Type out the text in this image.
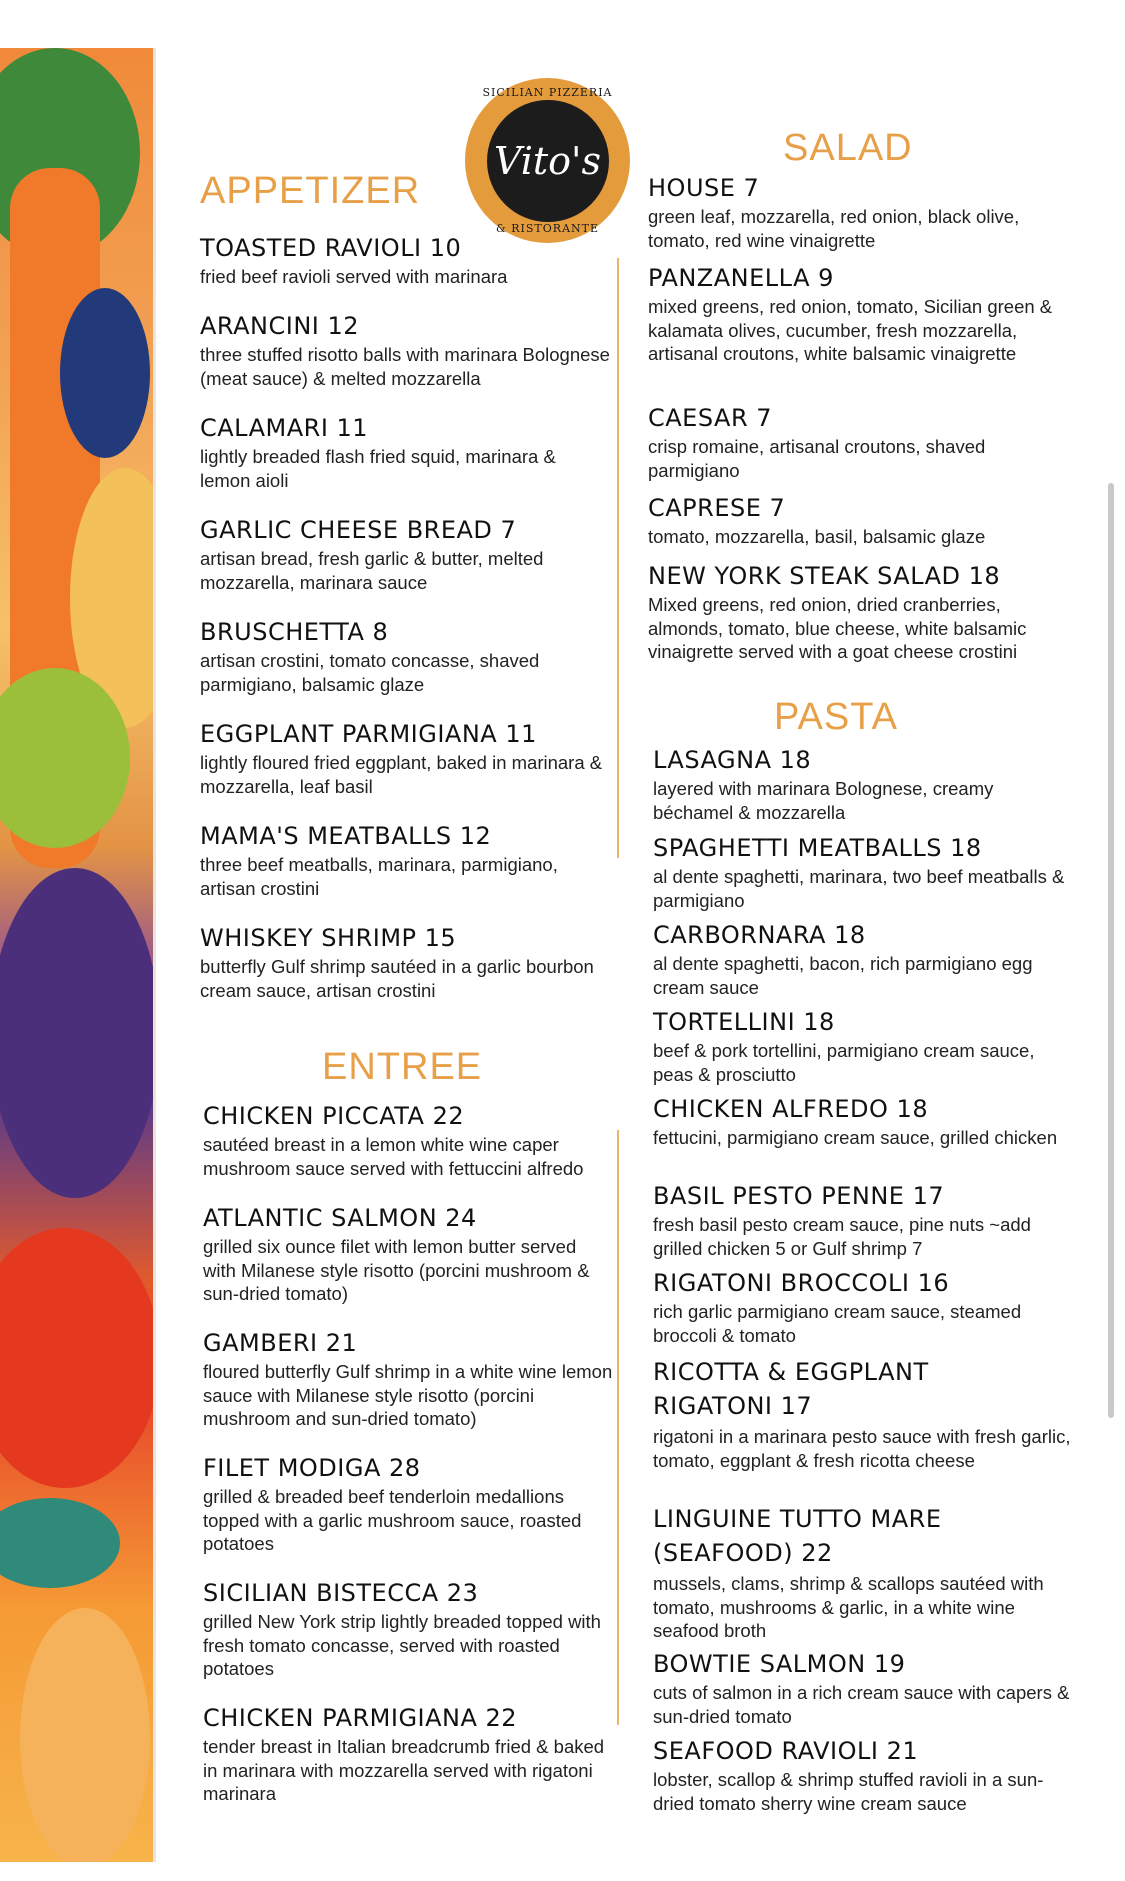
SICILIAN PIZZERIA
Vito's
& RISTORANTE
APPETIZER

TOASTED RAVIOLI 10

fried beef ravioli served with marinara

ARANCINI 12

three stuffed risotto balls with marinara Bolognese (meat sauce) & melted mozzarella

CALAMARI 11

lightly breaded flash fried squid, marinara & lemon aioli

GARLIC CHEESE BREAD 7

artisan bread, fresh garlic & butter, melted mozzarella, marinara sauce

BRUSCHETTA 8

artisan crostini, tomato concasse, shaved parmigiano, balsamic glaze

EGGPLANT PARMIGIANA 11

lightly floured fried eggplant, baked in marinara & mozzarella, leaf basil

MAMA'S MEATBALLS 12

three beef meatballs, marinara, parmigiano, artisan crostini

WHISKEY SHRIMP 15

butterfly Gulf shrimp sautéed in a garlic bourbon cream sauce, artisan crostini

ENTREE

CHICKEN PICCATA 22

sautéed breast in a lemon white wine caper mushroom sauce served with fettuccini alfredo

ATLANTIC SALMON 24

grilled six ounce filet with lemon butter served with Milanese style risotto (porcini mushroom & sun-dried tomato)

GAMBERI 21

floured butterfly Gulf shrimp in a white wine lemon sauce with Milanese style risotto (porcini mushroom and sun-dried tomato)

FILET MODIGA 28

grilled & breaded beef tenderloin medallions topped with a garlic mushroom sauce, roasted potatoes

SICILIAN BISTECCA 23

grilled New York strip lightly breaded topped with fresh tomato concasse, served with roasted potatoes

CHICKEN PARMIGIANA 22

tender breast in Italian breadcrumb fried & baked in marinara with mozzarella served with rigatoni marinara

SALAD

HOUSE 7

green leaf, mozzarella, red onion, black olive, tomato, red wine vinaigrette

PANZANELLA 9

mixed greens, red onion, tomato, Sicilian green & kalamata olives, cucumber, fresh mozzarella, artisanal croutons, white balsamic vinaigrette

CAESAR 7

crisp romaine, artisanal croutons, shaved parmigiano

CAPRESE 7

tomato, mozzarella, basil, balsamic glaze

NEW YORK STEAK SALAD 18

Mixed greens, red onion, dried cranberries, almonds, tomato, blue cheese, white balsamic vinaigrette served with a goat cheese crostini

PASTA

LASAGNA 18

layered with marinara Bolognese, creamy béchamel & mozzarella

SPAGHETTI MEATBALLS 18

al dente spaghetti, marinara, two beef meatballs & parmigiano

CARBORNARA 18

al dente spaghetti, bacon, rich parmigiano egg cream sauce

TORTELLINI 18

beef & pork tortellini, parmigiano cream sauce, peas & prosciutto

CHICKEN ALFREDO 18

fettucini, parmigiano cream sauce, grilled chicken

BASIL PESTO PENNE 17

fresh basil pesto cream sauce, pine nuts ~add grilled chicken 5 or Gulf shrimp 7

RIGATONI BROCCOLI 16

rich garlic parmigiano cream sauce, steamed broccoli & tomato

RICOTTA & EGGPLANT RIGATONI 17

rigatoni in a marinara pesto sauce with fresh garlic, tomato, eggplant & fresh ricotta cheese

LINGUINE TUTTO MARE (SEAFOOD) 22

mussels, clams, shrimp & scallops sautéed with tomato, mushrooms & garlic, in a white wine seafood broth

BOWTIE SALMON 19

cuts of salmon in a rich cream sauce with capers & sun-dried tomato

SEAFOOD RAVIOLI 21

lobster, scallop & shrimp stuffed ravioli in a sun-dried tomato sherry wine cream sauce
